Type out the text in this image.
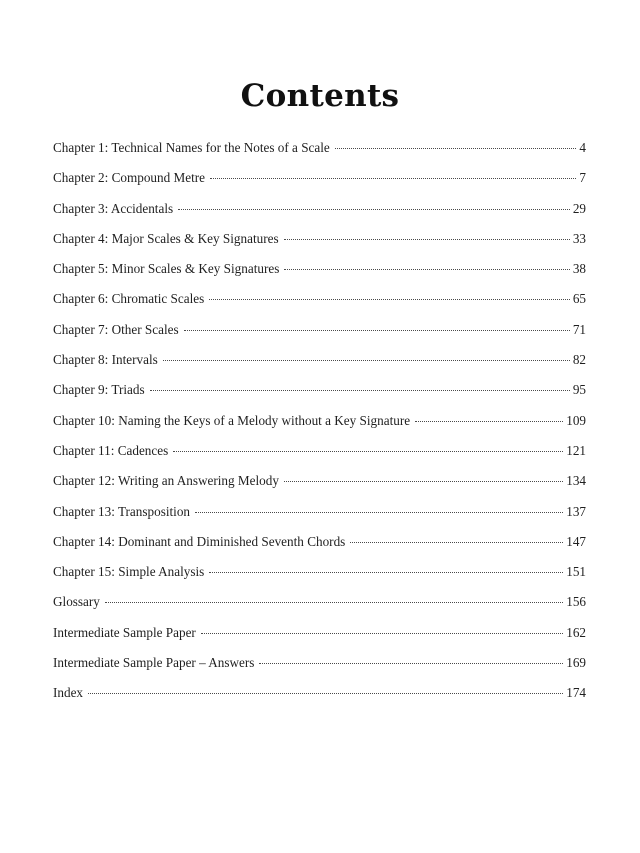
Contents
Chapter 1: Technical Names for the Notes of a Scale	4
Chapter 2: Compound Metre	7
Chapter 3: Accidentals	29
Chapter 4: Major Scales & Key Signatures	33
Chapter 5: Minor Scales & Key Signatures	38
Chapter 6: Chromatic Scales	65
Chapter 7: Other Scales	71
Chapter 8: Intervals	82
Chapter 9: Triads	95
Chapter 10: Naming the Keys of a Melody without a Key Signature	109
Chapter 11: Cadences	121
Chapter 12: Writing an Answering Melody	134
Chapter 13: Transposition	137
Chapter 14: Dominant and Diminished Seventh Chords	147
Chapter 15: Simple Analysis	151
Glossary	156
Intermediate Sample Paper	162
Intermediate Sample Paper – Answers	169
Index	174
